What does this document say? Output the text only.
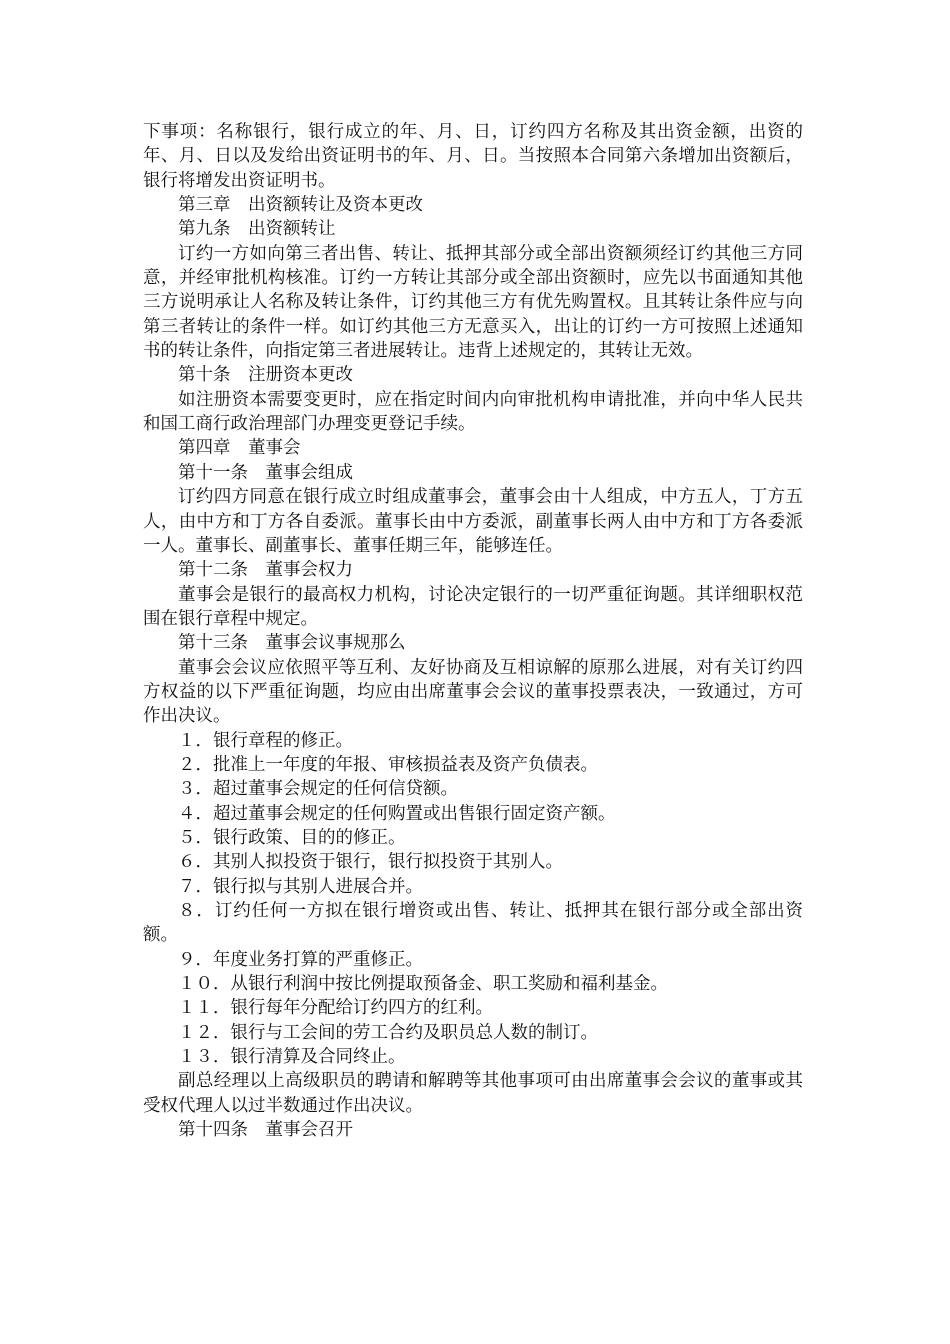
下事项：名称银行，银行成立的年、月、日，订约四方名称及其出资金额，出资的年、月、日以及发给出资证明书的年、月、日。当按照本合同第六条增加出资额后，银行将增发出资证明书。

第三章　出资额转让及资本更改

第九条　出资额转让

订约一方如向第三者出售、转让、抵押其部分或全部出资额须经订约其他三方同意，并经审批机构核准。订约一方转让其部分或全部出资额时，应先以书面通知其他三方说明承让人名称及转让条件，订约其他三方有优先购置权。且其转让条件应与向第三者转让的条件一样。如订约其他三方无意买入，出让的订约一方可按照上述通知书的转让条件，向指定第三者进展转让。违背上述规定的，其转让无效。

第十条　注册资本更改

如注册资本需要变更时，应在指定时间内向审批机构申请批准，并向中华人民共和国工商行政治理部门办理变更登记手续。

第四章　董事会

第十一条　董事会组成

订约四方同意在银行成立时组成董事会，董事会由十人组成，中方五人，丁方五人，由中方和丁方各自委派。董事长由中方委派，副董事长两人由中方和丁方各委派一人。董事长、副董事长、董事任期三年，能够连任。

第十二条　董事会权力

董事会是银行的最高权力机构，讨论决定银行的一切严重征询题。其详细职权范围在银行章程中规定。

第十三条　董事会议事规那么

董事会会议应依照平等互利、友好协商及互相谅解的原那么进展，对有关订约四方权益的以下严重征询题，均应由出席董事会会议的董事投票表决，一致通过，方可作出决议。

１．银行章程的修正。

２．批准上一年度的年报、审核损益表及资产负债表。

３．超过董事会规定的任何信贷额。

４．超过董事会规定的任何购置或出售银行固定资产额。

５．银行政策、目的的修正。

６．其别人拟投资于银行，银行拟投资于其别人。

７．银行拟与其别人进展合并。

８．订约任何一方拟在银行增资或出售、转让、抵押其在银行部分或全部出资额。

９．年度业务打算的严重修正。

１０．从银行利润中按比例提取预备金、职工奖励和福利基金。

１１．银行每年分配给订约四方的红利。

１２．银行与工会间的劳工合约及职员总人数的制订。

１３．银行清算及合同终止。

副总经理以上高级职员的聘请和解聘等其他事项可由出席董事会会议的董事或其受权代理人以过半数通过作出决议。

第十四条　董事会召开
